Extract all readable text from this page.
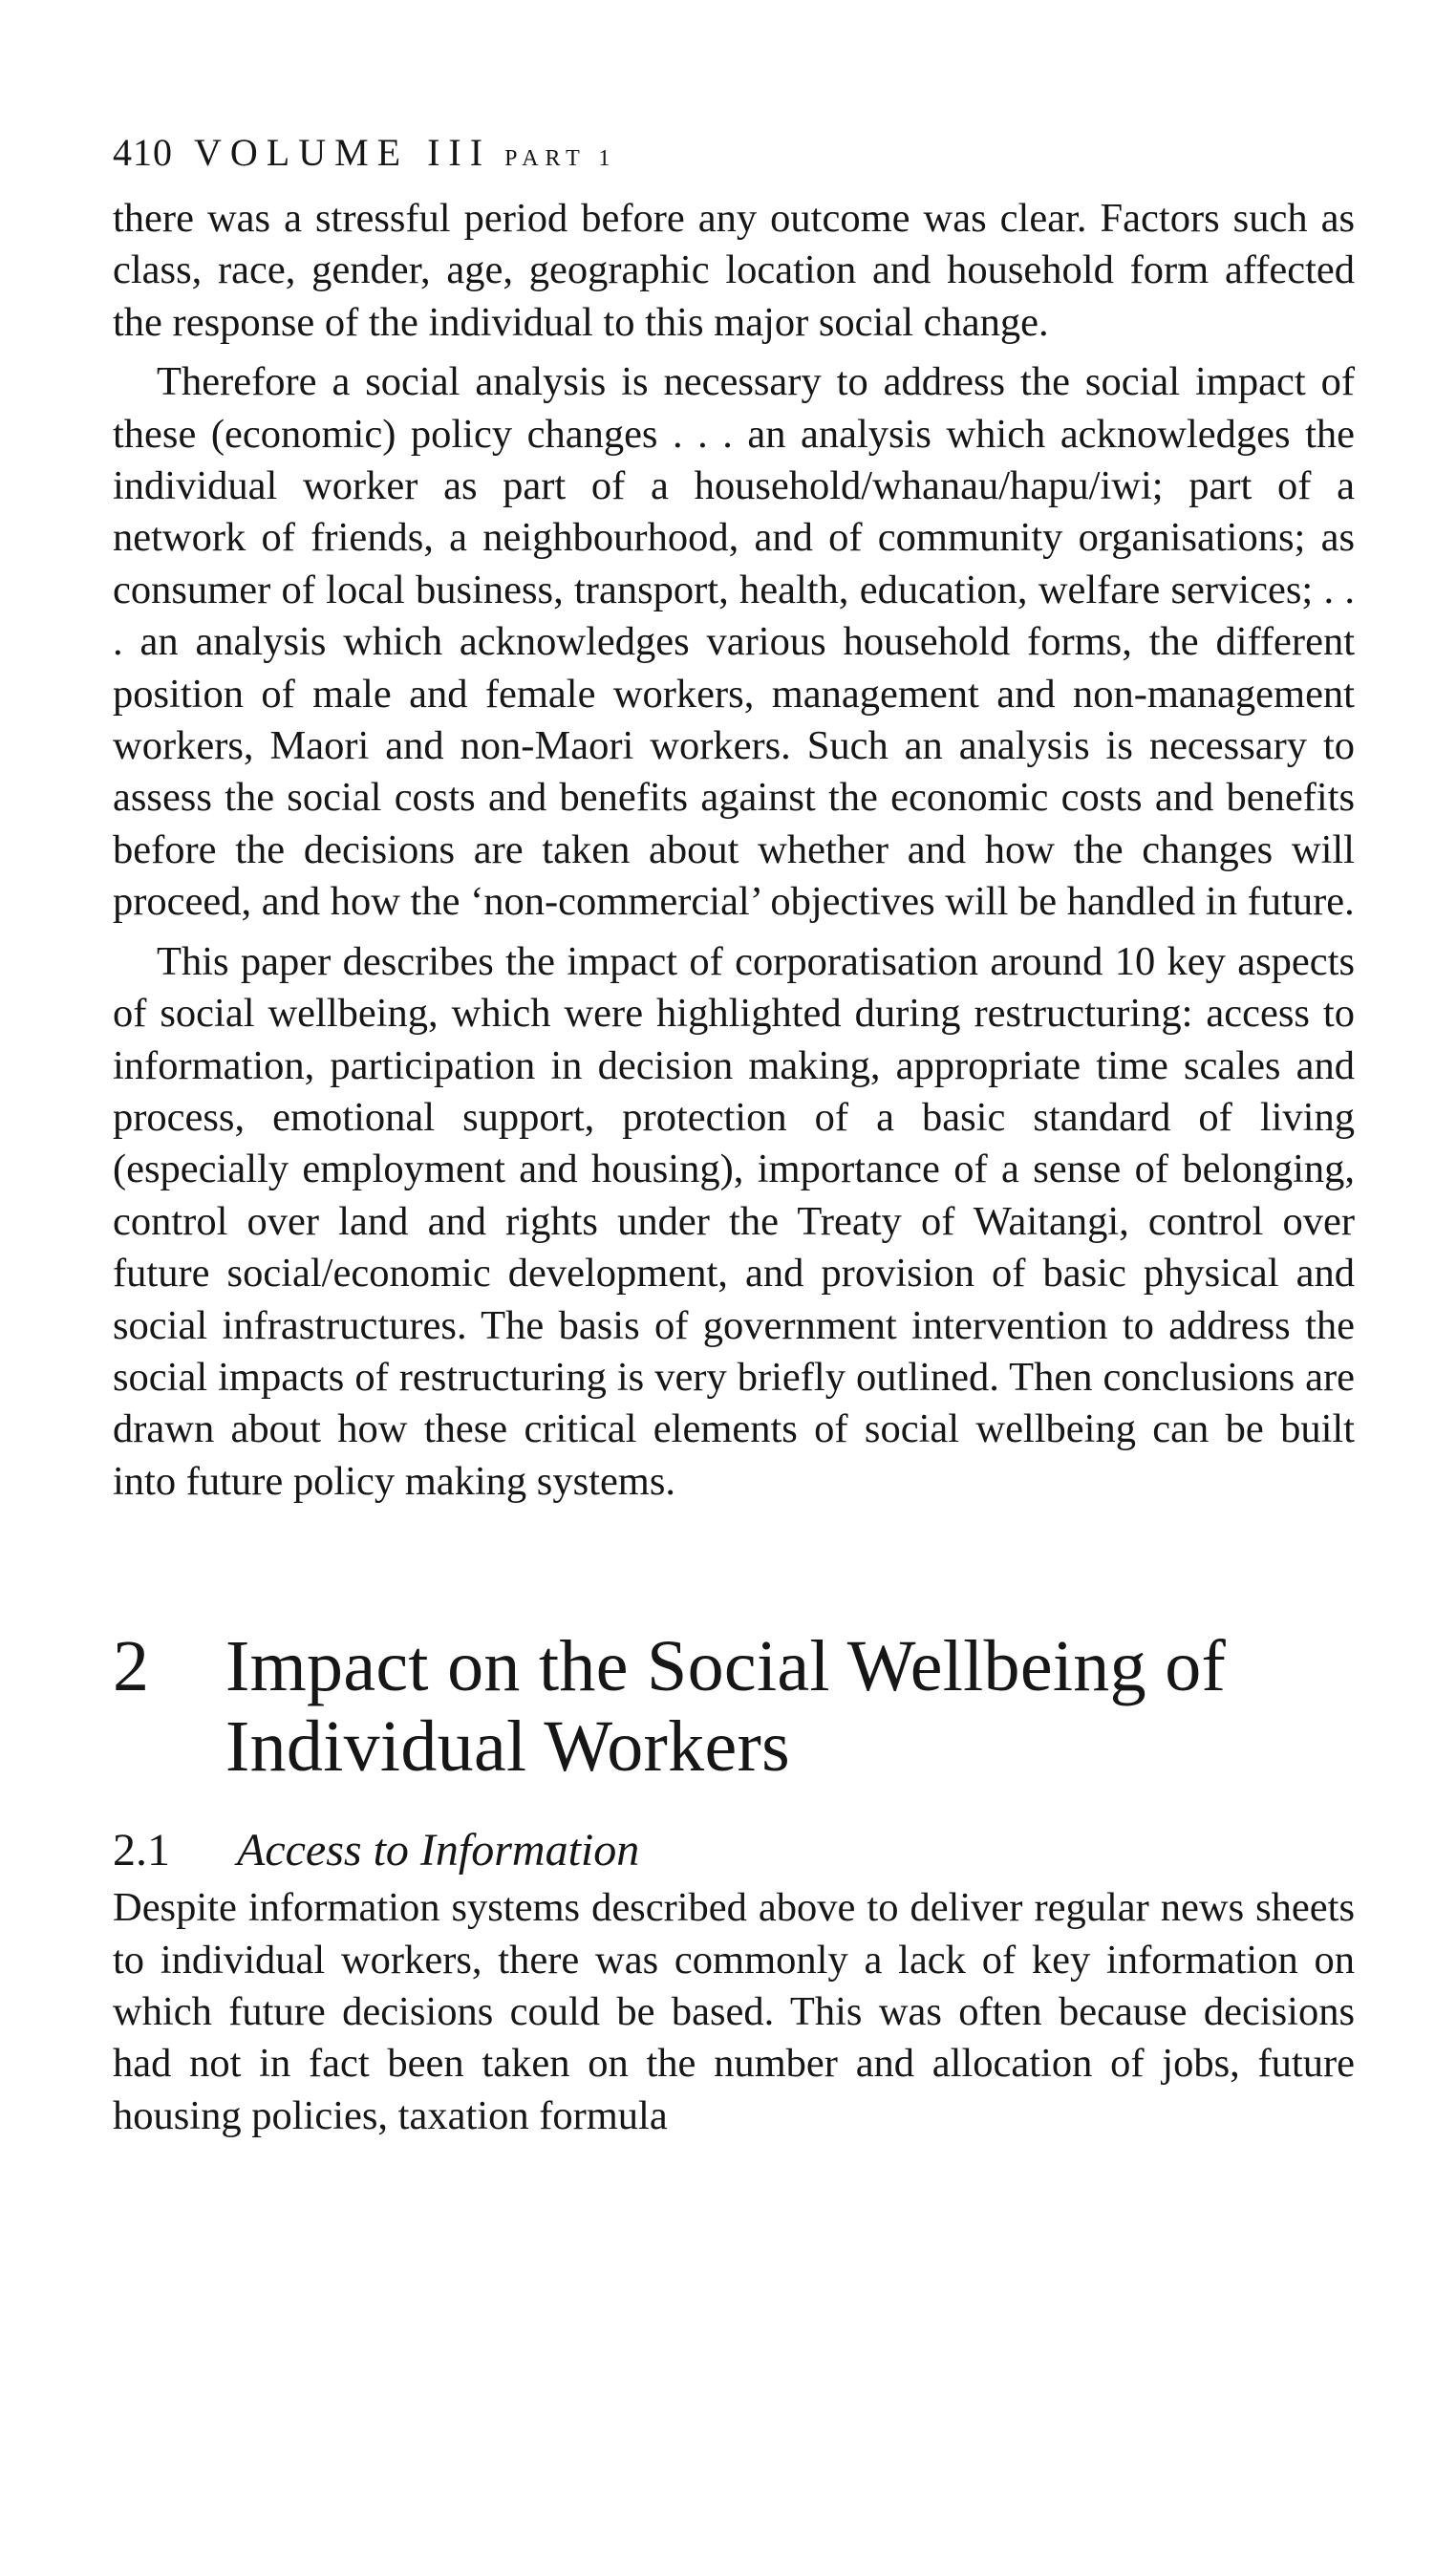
410 VOLUME III PART 1

there was a stressful period before any outcome was clear. Factors such as class, race, gender, age, geographic location and household form affected the response of the individual to this major social change.

Therefore a social analysis is necessary to address the social impact of these (economic) policy changes . . . an analysis which acknowledges the individual worker as part of a household/whanau/hapu/iwi; part of a network of friends, a neighbourhood, and of community organisations; as consumer of local business, transport, health, education, welfare services; . . . an analysis which acknowledges various household forms, the different position of male and female workers, management and non-management workers, Maori and non-Maori workers. Such an analysis is necessary to assess the social costs and benefits against the economic costs and benefits before the decisions are taken about whether and how the changes will proceed, and how the ‘non-commercial’ objectives will be handled in future.

This paper describes the impact of corporatisation around 10 key aspects of social wellbeing, which were highlighted during restructuring: access to information, participation in decision making, appropriate time scales and process, emotional support, protection of a basic standard of living (especially employment and housing), importance of a sense of belonging, control over land and rights under the Treaty of Waitangi, control over future social/economic development, and provision of basic physical and social infrastructures. The basis of government intervention to address the social impacts of restructuring is very briefly outlined. Then conclusions are drawn about how these critical elements of social wellbeing can be built into future policy making systems.

2	Impact on the Social Wellbeing of Individual Workers
2.1	Access to Information

Despite information systems described above to deliver regular news sheets to individual workers, there was commonly a lack of key information on which future decisions could be based. This was often because decisions had not in fact been taken on the number and allocation of jobs, future housing policies, taxation formula
